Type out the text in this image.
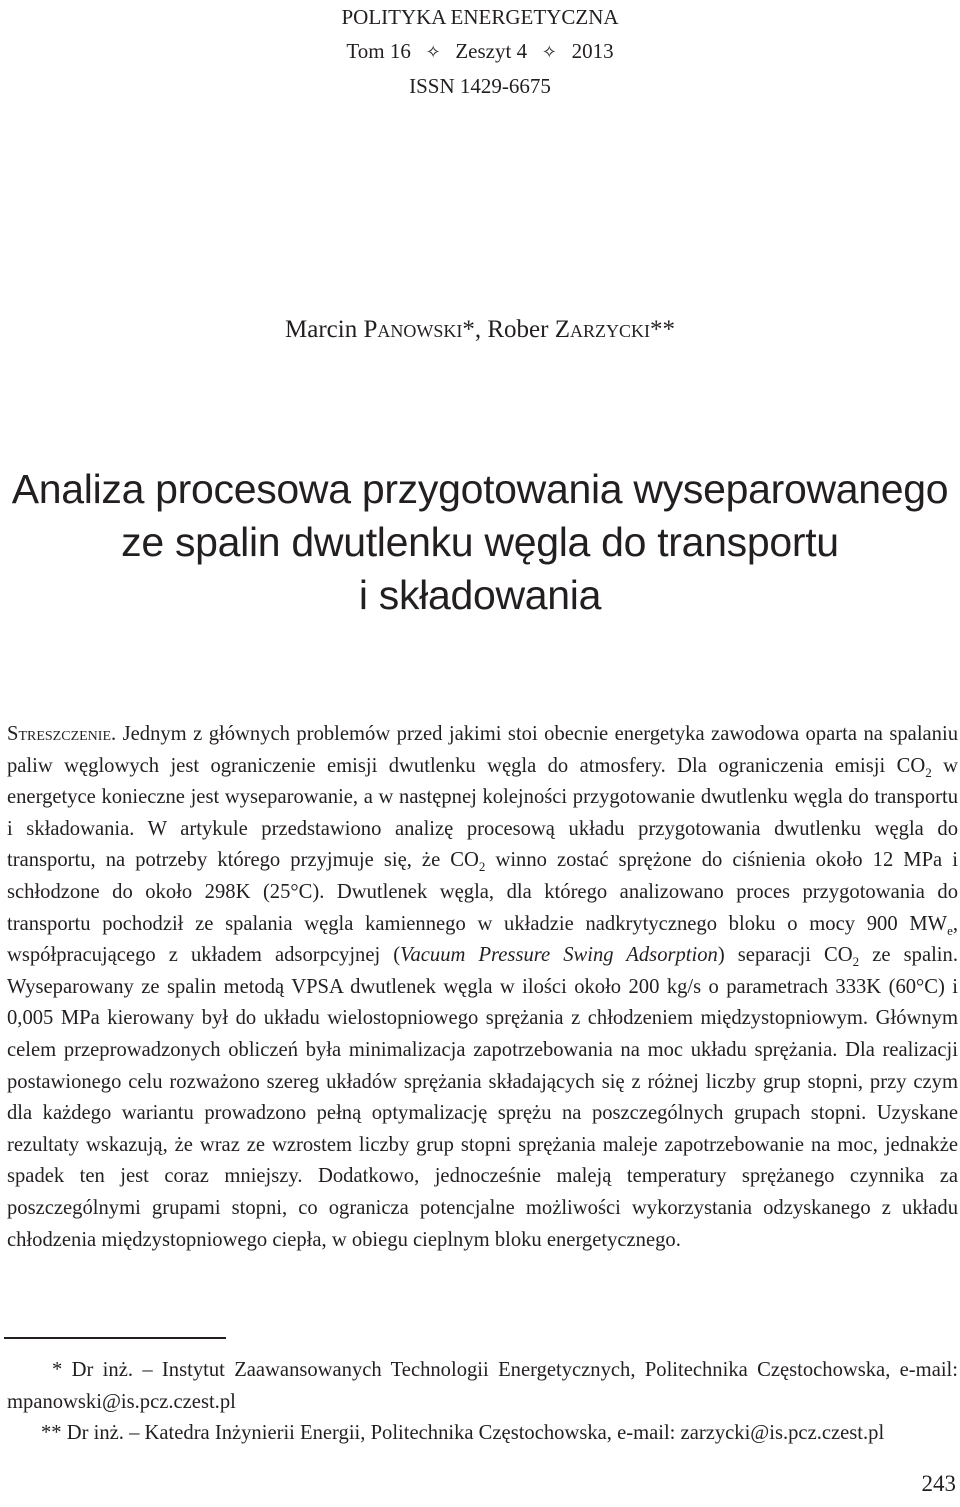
POLITYKA ENERGETYCZNA
Tom 16 ✧ Zeszyt 4 ✧ 2013
ISSN 1429-6675
Marcin Panowski*, Rober Zarzycki**
Analiza procesowa przygotowania wyseparowanego
ze spalin dwutlenku węgla do transportu
i składowania

Streszczenie. Jednym z głównych problemów przed jakimi stoi obecnie energetyka zawodowa oparta na spalaniu paliw węglowych jest ograniczenie emisji dwutlenku węgla do atmosfery. Dla ograniczenia emisji $CO_2$ w energetyce konieczne jest wyseparowanie, a w następnej kolejności przygotowanie dwutlenku węgla do transportu i składowania. W artykule przedstawiono analizę procesową układu przygotowania dwutlenku węgla do transportu, na potrzeby którego przyjmuje się, że $CO_2$ winno zostać sprężone do ciśnienia około 12 MPa i schłodzone do około 298K (25°C). Dwutlenek węgla, dla którego analizowano proces przygotowania do transportu pochodził ze spalania węgla kamiennego w układzie nadkrytycznego bloku o mocy 900 $MW_e$, współpracującego z układem adsorpcyjnej (Vacuum Pressure Swing Adsorption) separacji $CO_2$ ze spalin. Wyseparowany ze spalin metodą VPSA dwutlenek węgla w ilości około 200 kg/s o parametrach 333K (60°C) i 0,005 MPa kierowany był do układu wielostopniowego sprężania z chłodzeniem międzystopniowym. Głównym celem przeprowadzonych obliczeń była minimalizacja zapotrzebowania na moc układu sprężania. Dla realizacji postawionego celu rozważono szereg układów sprężania składających się z różnej liczby grup stopni, przy czym dla każdego wariantu prowadzono pełną optymalizację sprężu na poszczególnych grupach stopni. Uzyskane rezultaty wskazują, że wraz ze wzrostem liczby grup stopni sprężania maleje zapotrzebowanie na moc, jednakże spadek ten jest coraz mniejszy. Dodatkowo, jednocześnie maleją temperatury sprężanego czynnika za poszczególnymi grupami stopni, co ogranicza potencjalne możliwości wykorzystania odzyskanego z układu chłodzenia międzystopniowego ciepła, w obiegu cieplnym bloku energetycznego.

* Dr inż. – Instytut Zaawansowanych Technologii Energetycznych, Politechnika Częstochowska, e-mail:
mpanowski@is.pcz.czest.pl
** Dr inż. – Katedra Inżynierii Energii, Politechnika Częstochowska, e-mail: zarzycki@is.pcz.czest.pl
243
